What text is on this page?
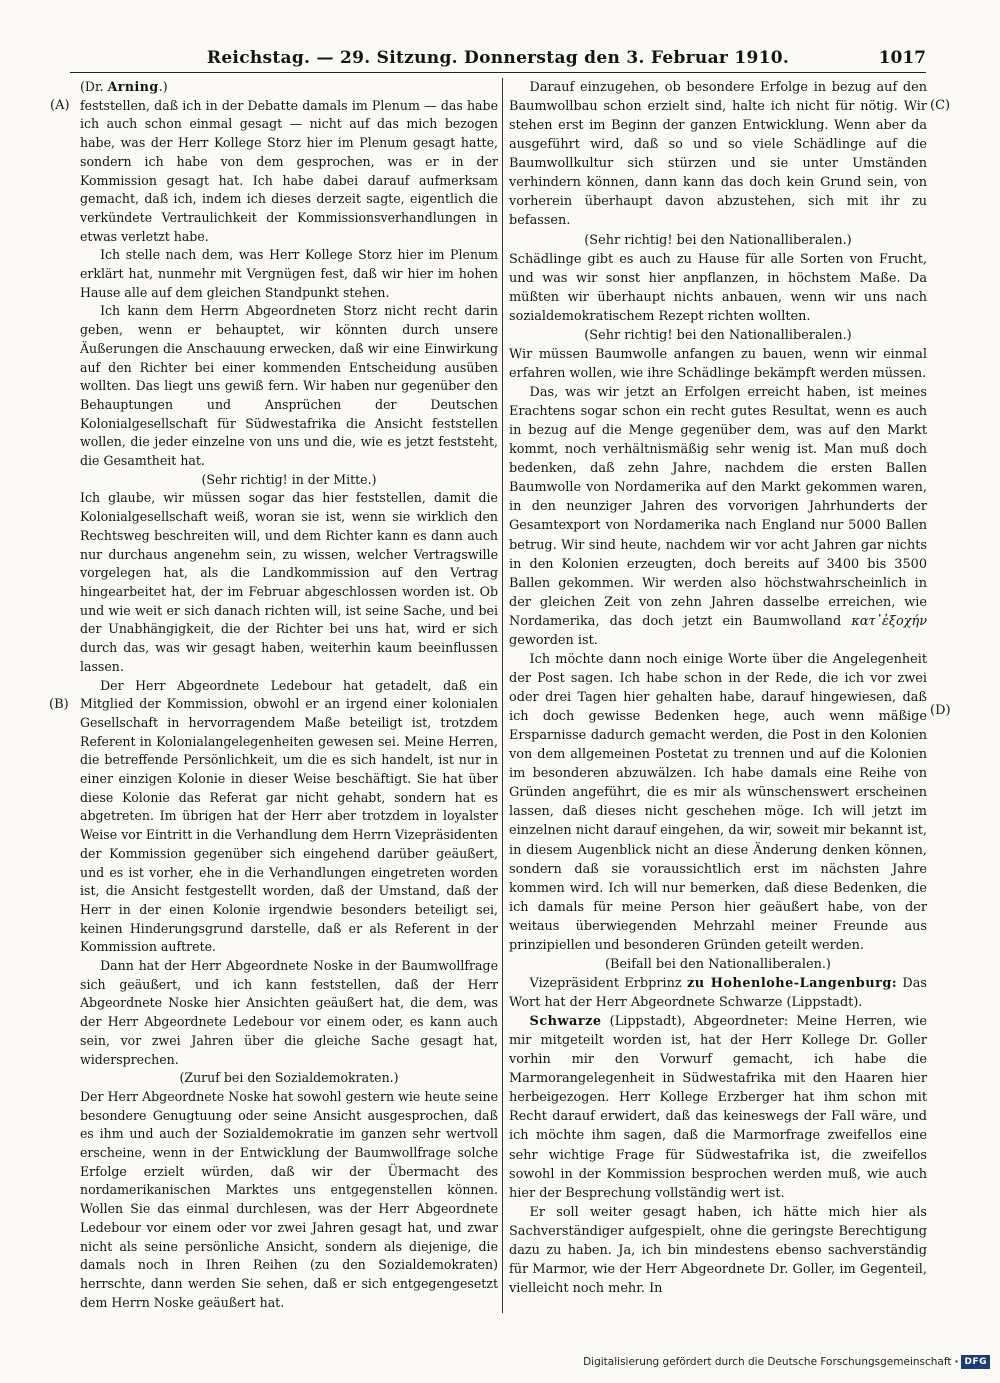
Reichstag. — 29. Sitzung. Donnerstag den 3. Februar 1910.	1017
(A)
(B)
(C)
(D)

(Dr. Arning.)

feststellen, daß ich in der Debatte damals im Plenum — das habe ich auch schon einmal gesagt — nicht auf das mich bezogen habe, was der Herr Kollege Storz hier im Plenum gesagt hatte, sondern ich habe von dem gesprochen, was er in der Kommission gesagt hat. Ich habe dabei darauf aufmerksam gemacht, daß ich, indem ich dieses derzeit sagte, eigentlich die verkündete Vertraulichkeit der Kommissionsverhandlungen in etwas verletzt habe.

Ich stelle nach dem, was Herr Kollege Storz hier im Plenum erklärt hat, nunmehr mit Vergnügen fest, daß wir hier im hohen Hause alle auf dem gleichen Standpunkt stehen.

Ich kann dem Herrn Abgeordneten Storz nicht recht darin geben, wenn er behauptet, wir könnten durch unsere Äußerungen die Anschauung erwecken, daß wir eine Einwirkung auf den Richter bei einer kommenden Entscheidung ausüben wollten. Das liegt uns gewiß fern. Wir haben nur gegenüber den Behauptungen und Ansprüchen der Deutschen Kolonialgesellschaft für Südwestafrika die Ansicht feststellen wollen, die jeder einzelne von uns und die, wie es jetzt feststeht, die Gesamtheit hat.

(Sehr richtig! in der Mitte.)

Ich glaube, wir müssen sogar das hier feststellen, damit die Kolonialgesellschaft weiß, woran sie ist, wenn sie wirklich den Rechtsweg beschreiten will, und dem Richter kann es dann auch nur durchaus angenehm sein, zu wissen, welcher Vertragswille vorgelegen hat, als die Landkommission auf den Vertrag hingearbeitet hat, der im Februar abgeschlossen worden ist. Ob und wie weit er sich danach richten will, ist seine Sache, und bei der Unabhängigkeit, die der Richter bei uns hat, wird er sich durch das, was wir gesagt haben, weiterhin kaum beeinflussen lassen.

Der Herr Abgeordnete Ledebour hat getadelt, daß ein Mitglied der Kommission, obwohl er an irgend einer kolonialen Gesellschaft in hervorragendem Maße beteiligt ist, trotzdem Referent in Kolonialangelegenheiten gewesen sei. Meine Herren, die betreffende Persönlichkeit, um die es sich handelt, ist nur in einer einzigen Kolonie in dieser Weise beschäftigt. Sie hat über diese Kolonie das Referat gar nicht gehabt, sondern hat es abgetreten. Im übrigen hat der Herr aber trotzdem in loyalster Weise vor Eintritt in die Verhandlung dem Herrn Vizepräsidenten der Kommission gegenüber sich eingehend darüber geäußert, und es ist vorher, ehe in die Verhandlungen eingetreten worden ist, die Ansicht festgestellt worden, daß der Umstand, daß der Herr in der einen Kolonie irgendwie besonders beteiligt sei, keinen Hinderungsgrund darstelle, daß er als Referent in der Kommission auftrete.

Dann hat der Herr Abgeordnete Noske in der Baumwollfrage sich geäußert, und ich kann feststellen, daß der Herr Abgeordnete Noske hier Ansichten geäußert hat, die dem, was der Herr Abgeordnete Ledebour vor einem oder, es kann auch sein, vor zwei Jahren über die gleiche Sache gesagt hat, widersprechen.

(Zuruf bei den Sozialdemokraten.)

Der Herr Abgeordnete Noske hat sowohl gestern wie heute seine besondere Genugtuung oder seine Ansicht ausgesprochen, daß es ihm und auch der Sozialdemokratie im ganzen sehr wertvoll erscheine, wenn in der Entwicklung der Baumwollfrage solche Erfolge erzielt würden, daß wir der Übermacht des nordamerikanischen Marktes uns entgegenstellen können. Wollen Sie das einmal durchlesen, was der Herr Abgeordnete Ledebour vor einem oder vor zwei Jahren gesagt hat, und zwar nicht als seine persönliche Ansicht, sondern als diejenige, die damals noch in Ihren Reihen (zu den Sozialdemokraten) herrschte, dann werden Sie sehen, daß er sich entgegengesetzt dem Herrn Noske geäußert hat.

Darauf einzugehen, ob besondere Erfolge in bezug auf den Baumwollbau schon erzielt sind, halte ich nicht für nötig. Wir stehen erst im Beginn der ganzen Entwicklung. Wenn aber da ausgeführt wird, daß so und so viele Schädlinge auf die Baumwollkultur sich stürzen und sie unter Umständen verhindern können, dann kann das doch kein Grund sein, von vorherein überhaupt davon abzustehen, sich mit ihr zu befassen.

(Sehr richtig! bei den Nationalliberalen.)

Schädlinge gibt es auch zu Hause für alle Sorten von Frucht, und was wir sonst hier anpflanzen, in höchstem Maße. Da müßten wir überhaupt nichts anbauen, wenn wir uns nach sozialdemokratischem Rezept richten wollten.

(Sehr richtig! bei den Nationalliberalen.)

Wir müssen Baumwolle anfangen zu bauen, wenn wir einmal erfahren wollen, wie ihre Schädlinge bekämpft werden müssen.

Das, was wir jetzt an Erfolgen erreicht haben, ist meines Erachtens sogar schon ein recht gutes Resultat, wenn es auch in bezug auf die Menge gegenüber dem, was auf den Markt kommt, noch verhältnismäßig sehr wenig ist. Man muß doch bedenken, daß zehn Jahre, nachdem die ersten Ballen Baumwolle von Nordamerika auf den Markt gekommen waren, in den neunziger Jahren des vorvorigen Jahrhunderts der Gesamtexport von Nordamerika nach England nur 5000 Ballen betrug. Wir sind heute, nachdem wir vor acht Jahren gar nichts in den Kolonien erzeugten, doch bereits auf 3400 bis 3500 Ballen gekommen. Wir werden also höchstwahrscheinlich in der gleichen Zeit von zehn Jahren dasselbe erreichen, wie Nordamerika, das doch jetzt ein Baumwolland κατ᾿ἐξοχήν geworden ist.

Ich möchte dann noch einige Worte über die Angelegenheit der Post sagen. Ich habe schon in der Rede, die ich vor zwei oder drei Tagen hier gehalten habe, darauf hingewiesen, daß ich doch gewisse Bedenken hege, auch wenn mäßige Ersparnisse dadurch gemacht werden, die Post in den Kolonien von dem allgemeinen Postetat zu trennen und auf die Kolonien im besonderen abzuwälzen. Ich habe damals eine Reihe von Gründen angeführt, die es mir als wünschenswert erscheinen lassen, daß dieses nicht geschehen möge. Ich will jetzt im einzelnen nicht darauf eingehen, da wir, soweit mir bekannt ist, in diesem Augenblick nicht an diese Änderung denken können, sondern daß sie voraussichtlich erst im nächsten Jahre kommen wird. Ich will nur bemerken, daß diese Bedenken, die ich damals für meine Person hier geäußert habe, von der weitaus überwiegenden Mehrzahl meiner Freunde aus prinzipiellen und besonderen Gründen geteilt werden.

(Beifall bei den Nationalliberalen.)

Vizepräsident Erbprinz zu Hohenlohe-Langenburg: Das Wort hat der Herr Abgeordnete Schwarze (Lippstadt).

Schwarze (Lippstadt), Abgeordneter: Meine Herren, wie mir mitgeteilt worden ist, hat der Herr Kollege Dr. Goller vorhin mir den Vorwurf gemacht, ich habe die Marmorangelegenheit in Südwestafrika mit den Haaren hier herbeigezogen. Herr Kollege Erzberger hat ihm schon mit Recht darauf erwidert, daß das keineswegs der Fall wäre, und ich möchte ihm sagen, daß die Marmorfrage zweifellos eine sehr wichtige Frage für Südwestafrika ist, die zweifellos sowohl in der Kommission besprochen werden muß, wie auch hier der Besprechung vollständig wert ist.

Er soll weiter gesagt haben, ich hätte mich hier als Sachverständiger aufgespielt, ohne die geringste Berechtigung dazu zu haben. Ja, ich bin mindestens ebenso sachverständig für Marmor, wie der Herr Abgeordnete Dr. Goller, im Gegenteil, vielleicht noch mehr. In

Digitalisierung gefördert durch die Deutsche Forschungsgemeinschaft · DFG
